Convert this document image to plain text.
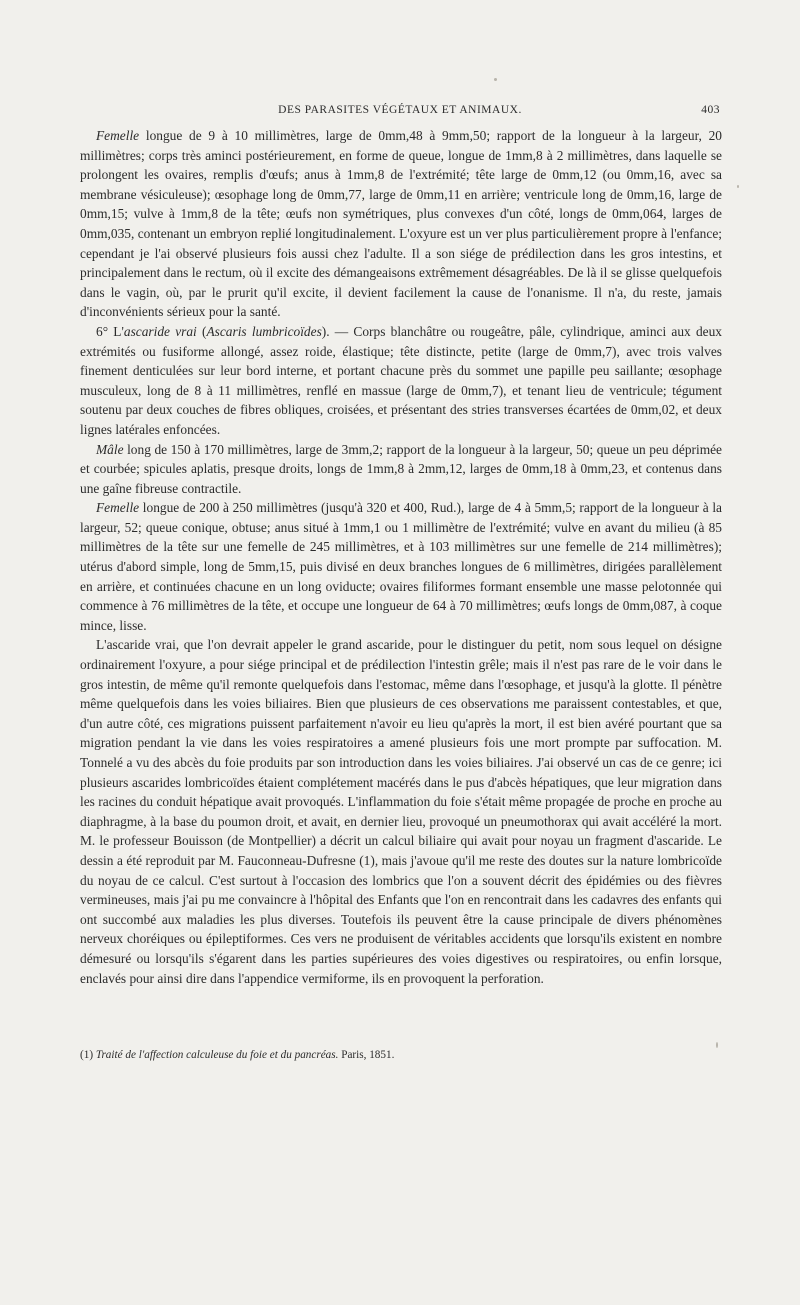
DES PARASITES VÉGÉTAUX ET ANIMAUX.	403

Femelle longue de 9 à 10 millimètres, large de 0mm,48 à 9mm,50; rapport de la longueur à la largeur, 20 millimètres; corps très aminci postérieurement, en forme de queue, longue de 1mm,8 à 2 millimètres, dans laquelle se prolongent les ovaires, remplis d'œufs; anus à 1mm,8 de l'extrémité; tête large de 0mm,12 (ou 0mm,16, avec sa membrane vésiculeuse); œsophage long de 0mm,77, large de 0mm,11 en arrière; ventricule long de 0mm,16, large de 0mm,15; vulve à 1mm,8 de la tête; œufs non symétriques, plus convexes d'un côté, longs de 0mm,064, larges de 0mm,035, contenant un embryon replié longitudinalement. L'oxyure est un ver plus particulièrement propre à l'enfance; cependant je l'ai observé plusieurs fois aussi chez l'adulte. Il a son siége de prédilection dans les gros intestins, et principalement dans le rectum, où il excite des démangeaisons extrêmement désagréables. De là il se glisse quelquefois dans le vagin, où, par le prurit qu'il excite, il devient facilement la cause de l'onanisme. Il n'a, du reste, jamais d'inconvénients sérieux pour la santé.

6° L'ascaride vrai (Ascaris lumbricoïdes). — Corps blanchâtre ou rougeâtre, pâle, cylindrique, aminci aux deux extrémités ou fusiforme allongé, assez roide, élastique; tête distincte, petite (large de 0mm,7), avec trois valves finement denticulées sur leur bord interne, et portant chacune près du sommet une papille peu saillante; œsophage musculeux, long de 8 à 11 millimètres, renflé en massue (large de 0mm,7), et tenant lieu de ventricule; tégument soutenu par deux couches de fibres obliques, croisées, et présentant des stries transverses écartées de 0mm,02, et deux lignes latérales enfoncées.

Mâle long de 150 à 170 millimètres, large de 3mm,2; rapport de la longueur à la largeur, 50; queue un peu déprimée et courbée; spicules aplatis, presque droits, longs de 1mm,8 à 2mm,12, larges de 0mm,18 à 0mm,23, et contenus dans une gaîne fibreuse contractile.

Femelle longue de 200 à 250 millimètres (jusqu'à 320 et 400, Rud.), large de 4 à 5mm,5; rapport de la longueur à la largeur, 52; queue conique, obtuse; anus situé à 1mm,1 ou 1 millimètre de l'extrémité; vulve en avant du milieu (à 85 millimètres de la tête sur une femelle de 245 millimètres, et à 103 millimètres sur une femelle de 214 millimètres); utérus d'abord simple, long de 5mm,15, puis divisé en deux branches longues de 6 millimètres, dirigées parallèlement en arrière, et continuées chacune en un long oviducte; ovaires filiformes formant ensemble une masse pelotonnée qui commence à 76 millimètres de la tête, et occupe une longueur de 64 à 70 millimètres; œufs longs de 0mm,087, à coque mince, lisse.

L'ascaride vrai, que l'on devrait appeler le grand ascaride, pour le distinguer du petit, nom sous lequel on désigne ordinairement l'oxyure, a pour siége principal et de prédilection l'intestin grêle; mais il n'est pas rare de le voir dans le gros intestin, de même qu'il remonte quelquefois dans l'estomac, même dans l'œsophage, et jusqu'à la glotte. Il pénètre même quelquefois dans les voies biliaires. Bien que plusieurs de ces observations me paraissent contestables, et que, d'un autre côté, ces migrations puissent parfaitement n'avoir eu lieu qu'après la mort, il est bien avéré pourtant que sa migration pendant la vie dans les voies respiratoires a amené plusieurs fois une mort prompte par suffocation. M. Tonnelé a vu des abcès du foie produits par son introduction dans les voies biliaires. J'ai observé un cas de ce genre; ici plusieurs ascarides lombricoïdes étaient complétement macérés dans le pus d'abcès hépatiques, que leur migration dans les racines du conduit hépatique avait provoqués. L'inflammation du foie s'était même propagée de proche en proche au diaphragme, à la base du poumon droit, et avait, en dernier lieu, provoqué un pneumothorax qui avait accéléré la mort. M. le professeur Bouisson (de Montpellier) a décrit un calcul biliaire qui avait pour noyau un fragment d'ascaride. Le dessin a été reproduit par M. Fauconneau-Dufresne (1), mais j'avoue qu'il me reste des doutes sur la nature lombricoïde du noyau de ce calcul. C'est surtout à l'occasion des lombrics que l'on a souvent décrit des épidémies ou des fièvres vermineuses, mais j'ai pu me convaincre à l'hôpital des Enfants que l'on en rencontrait dans les cadavres des enfants qui ont succombé aux maladies les plus diverses. Toutefois ils peuvent être la cause principale de divers phénomènes nerveux choréiques ou épileptiformes. Ces vers ne produisent de véritables accidents que lorsqu'ils existent en nombre démesuré ou lorsqu'ils s'égarent dans les parties supérieures des voies digestives ou respiratoires, ou enfin lorsque, enclavés pour ainsi dire dans l'appendice vermiforme, ils en provoquent la perforation.

(1) Traité de l'affection calculeuse du foie et du pancréas. Paris, 1851.
